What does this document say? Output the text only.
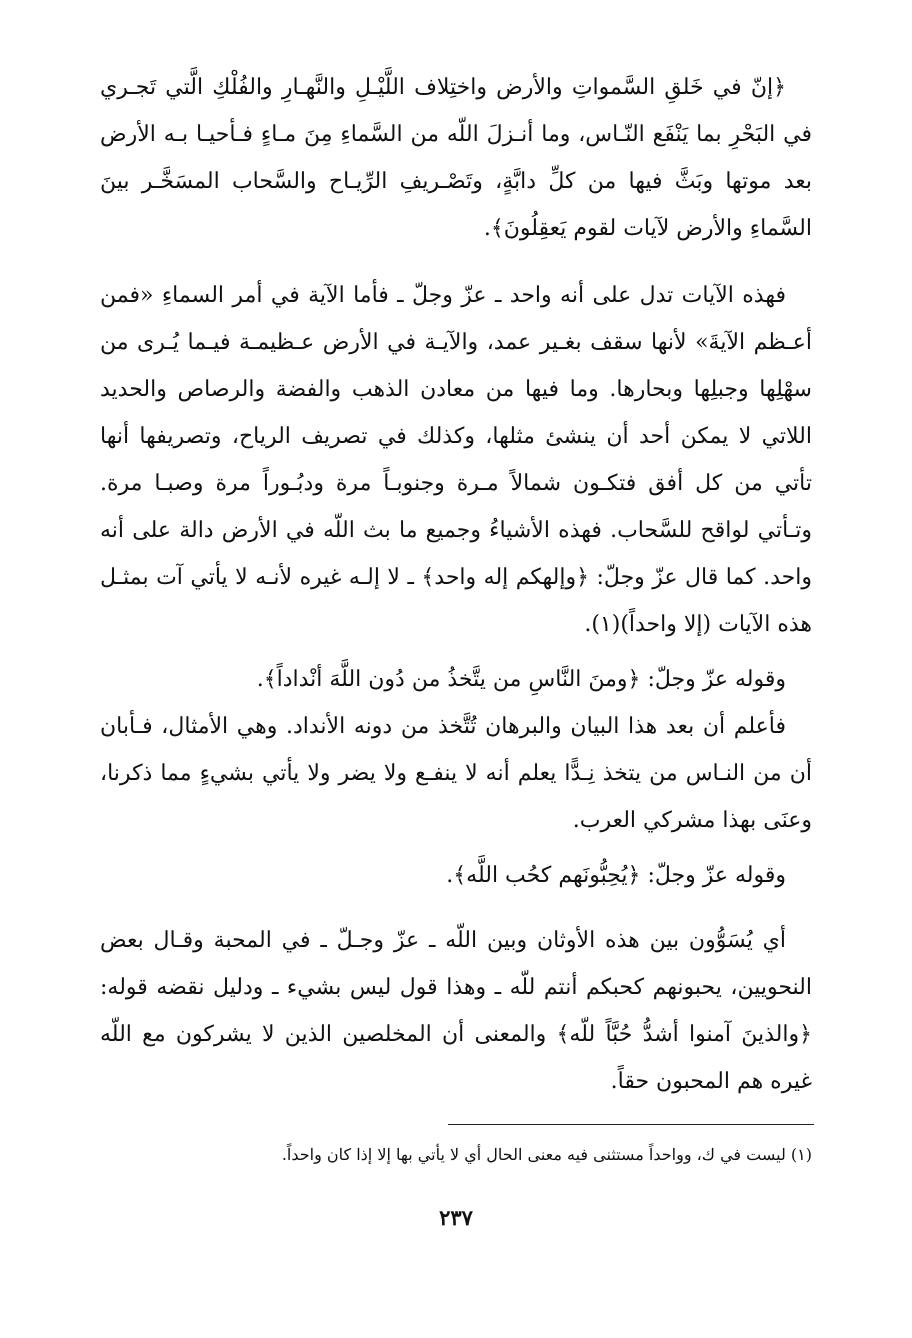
﴿إنّ في خَلقِ السَّمواتِ والأرض واختِلاف اللَّيْـلِ والنَّهـارِ والفُلْكِ الَّتي تَجـري في البَحْرِ بما يَنْفَع النّـاس، وما أنـزلَ اللّه من السَّماءِ مِنَ مـاءٍ فـأحيـا بـه الأرض بعد موتها وبَثَّ فيها من كلِّ دابَّةٍ، وتَصْـريفِ الرِّيـاح والسَّحاب المسَخَّـر بينَ السَّماءِ والأرض لآيات لقوم يَعقِلُونَ﴾.

فهذه الآيات تدل على أنه واحد ـ عزّ وجلّ ـ فأما الآية في أمر السماءِ «فمن أعـظم الآيةَ» لأنها سقف بغـير عمد، والآيـة في الأرض عـظيمـة فيـما يُـرى من سهْلِها وجبلِها وبحارها. وما فيها من معادن الذهب والفضة والرصاص والحديد اللاتي لا يمكن أحد أن ينشئ مثلها، وكذلك في تصريف الرياح، وتصريفها أنها تأتي من كل أفق فتكـون شمالاً مـرة وجنوبـاً مرة ودبُـوراً مرة وصبـا مرة. وتـأتي لواقح للسَّحاب. فهذه الأشياءُ وجميع ما بث اللّه في الأرض دالة على أنه واحد. كما قال عزّ وجلّ: ﴿وإلهكم إله واحد﴾ ـ لا إلـه غيره لأنـه لا يأتي آت بمثـل هذه الآيات (إلا واحداً)(١).

وقوله عزّ وجلّ: ﴿ومنَ النَّاسِ من يتَّخذُ من دُون اللَّهَ أنْداداً﴾.

فأعلم أن بعد هذا البيان والبرهان تُتَّخذ من دونه الأنداد. وهي الأمثال، فـأبان أن من النـاس من يتخذ نِـدًّا يعلم أنه لا ينفـع ولا يضر ولا يأتي بشيءٍ مما ذكرنا، وعنَى بهذا مشركي العرب.

وقوله عزّ وجلّ: ﴿يُحِبُّونَهم كحُب اللَّه﴾.

أي يُسَوُّون بين هذه الأوثان وبين اللّه ـ عزّ وجـلّ ـ في المحبة وقـال بعض النحويين، يحبونهم كحبكم أنتم للّه ـ وهذا قول ليس بشيء ـ ودليل نقضه قوله: ﴿والذينَ آمنوا أشدُّ حُبَّاً للّه﴾ والمعنى أن المخلصين الذين لا يشركون مع اللّه غيره هم المحبون حقاً.

(١) ليست في ك، وواحداً مستثنى فيه معنى الحال أي لا يأتي بها إلا إذا كان واحداً.
٢٣٧
